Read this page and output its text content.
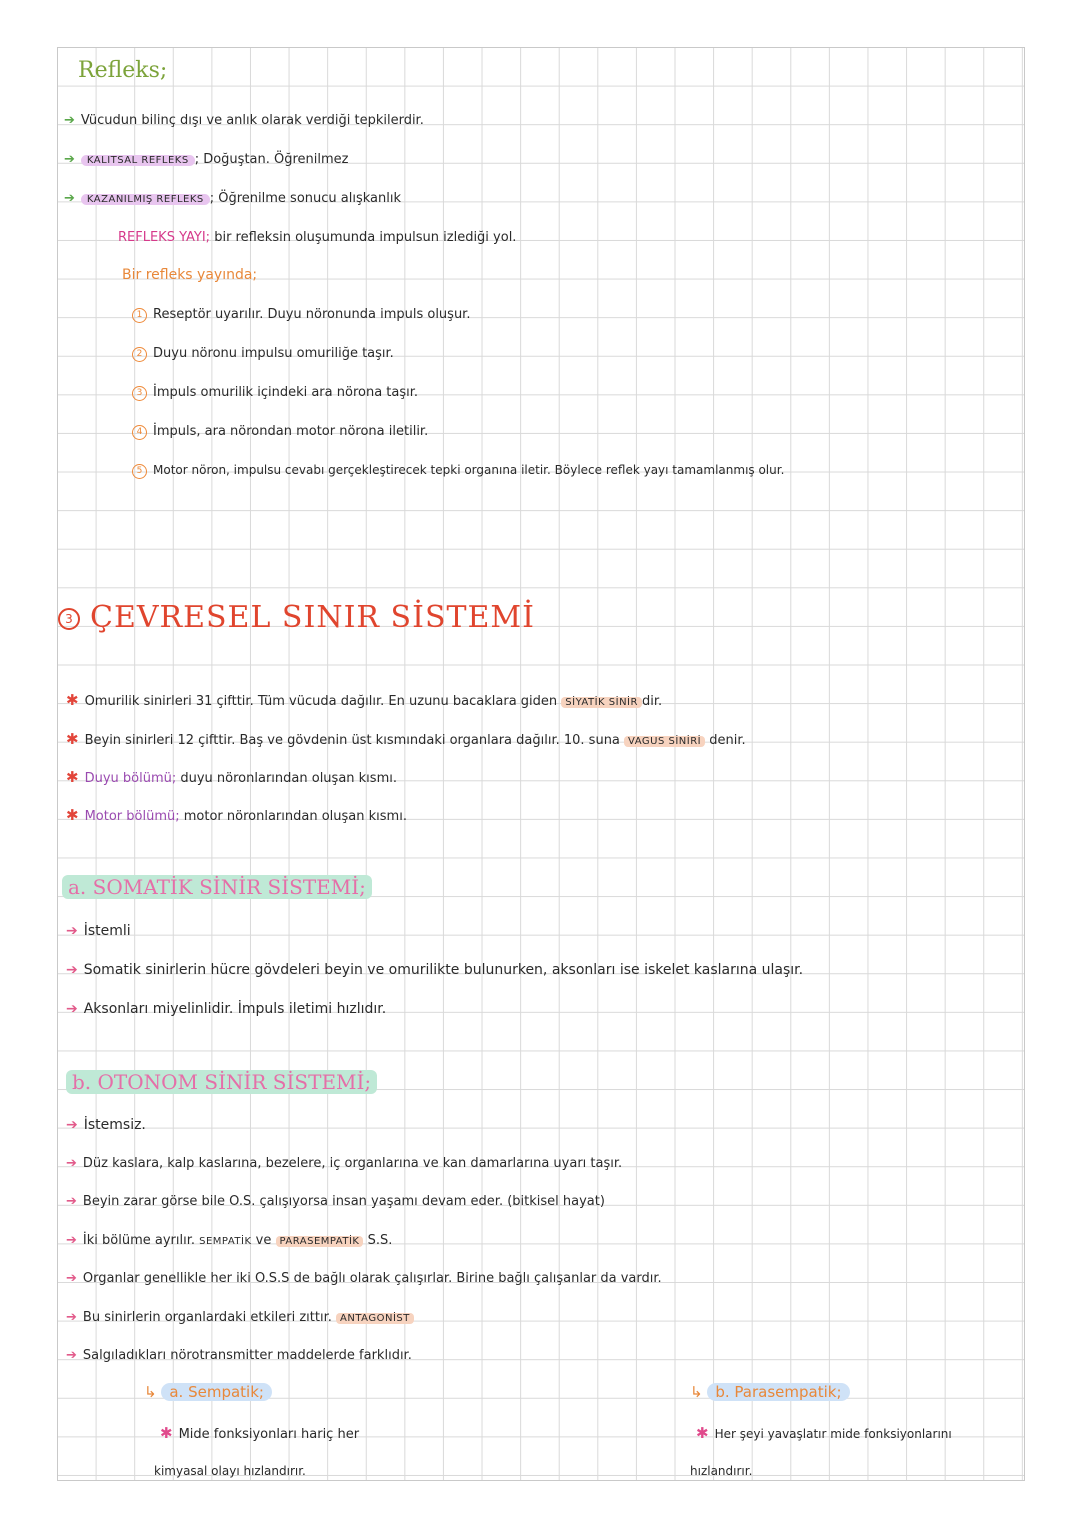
Refleks;
➔ Vücudun bilinç dışı ve anlık olarak verdiği tepkilerdir.
➔ KALITSAL REFLEKS ; Doğuştan. Öğrenilmez
➔ KAZANILMIŞ REFLEKS ; Öğrenilme sonucu alışkanlık
REFLEKS YAYI; bir refleksin oluşumunda impulsun izlediği yol.
Bir refleks yayında;
1 Reseptör uyarılır. Duyu nöronunda impuls oluşur.
2 Duyu nöronu impulsu omuriliğe taşır.
3 İmpuls omurilik içindeki ara nörona taşır.
4 İmpuls, ara nörondan motor nörona iletilir.
5 Motor nöron, impulsu cevabı gerçekleştirecek tepki organına iletir. Böylece reflek yayı tamamlanmış olur.
3 ÇEVRESEL SINIR SİSTEMİ
✱ Omurilik sinirleri 31 çifttir. Tüm vücuda dağılır. En uzunu bacaklara giden SİYATİK SİNİR dir.
✱ Beyin sinirleri 12 çifttir. Baş ve gövdenin üst kısmındaki organlara dağılır. 10. suna VAGUS SİNİRİ denir.
✱ Duyu bölümü; duyu nöronlarından oluşan kısmı.
✱ Motor bölümü; motor nöronlarından oluşan kısmı.
a. SOMATİK SİNİR SİSTEMİ;
➔ İstemli
➔ Somatik sinirlerin hücre gövdeleri beyin ve omurilikte bulunurken, aksonları ise iskelet kaslarına ulaşır.
➔ Aksonları miyelinlidir. İmpuls iletimi hızlıdır.
b. OTONOM SİNİR SİSTEMİ;
➔ İstemsiz.
➔ Düz kaslara, kalp kaslarına, bezelere, iç organlarına ve kan damarlarına uyarı taşır.
➔ Beyin zarar görse bile O.S. çalışıyorsa insan yaşamı devam eder. (bitkisel hayat)
➔ İki bölüme ayrılır. SEMPATİK ve PARASEMPATİK S.S.
➔ Organlar genellikle her iki O.S.S de bağlı olarak çalışırlar. Birine bağlı çalışanlar da vardır.
➔ Bu sinirlerin organlardaki etkileri zıttır. ANTAGONİST
➔ Salgıladıkları nörotransmitter maddelerde farklıdır.
↳ a. Sempatik;
✱ Mide fonksiyonları hariç her
kimyasal olayı hızlandırır.
↳ b. Parasempatik;
✱ Her şeyi yavaşlatır mide fonksiyonlarını
hızlandırır.
